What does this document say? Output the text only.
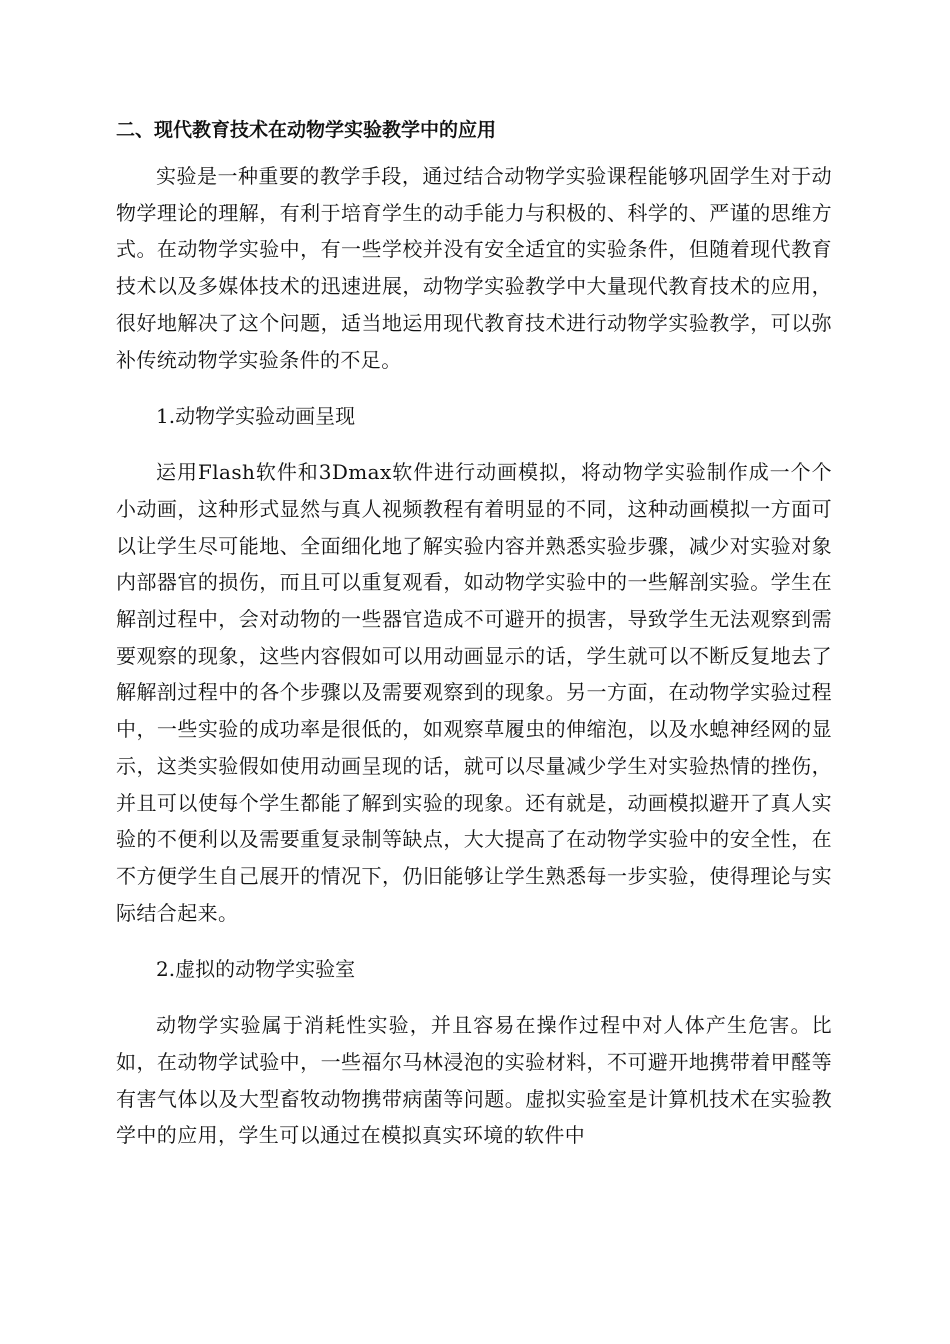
二、现代教育技术在动物学实验教学中的应用

实验是一种重要的教学手段，通过结合动物学实验课程能够巩固学生对于动物学理论的理解，有利于培育学生的动手能力与积极的、科学的、严谨的思维方式。在动物学实验中，有一些学校并没有安全适宜的实验条件，但随着现代教育技术以及多媒体技术的迅速进展，动物学实验教学中大量现代教育技术的应用，很好地解决了这个问题，适当地运用现代教育技术进行动物学实验教学，可以弥补传统动物学实验条件的不足。

1.动物学实验动画呈现

运用Flash软件和3Dmax软件进行动画模拟，将动物学实验制作成一个个小动画，这种形式显然与真人视频教程有着明显的不同，这种动画模拟一方面可以让学生尽可能地、全面细化地了解实验内容并熟悉实验步骤，减少对实验对象内部器官的损伤，而且可以重复观看，如动物学实验中的一些解剖实验。学生在解剖过程中，会对动物的一些器官造成不可避开的损害，导致学生无法观察到需要观察的现象，这些内容假如可以用动画显示的话，学生就可以不断反复地去了解解剖过程中的各个步骤以及需要观察到的现象。另一方面，在动物学实验过程中，一些实验的成功率是很低的，如观察草履虫的伸缩泡，以及水螅神经网的显示，这类实验假如使用动画呈现的话，就可以尽量减少学生对实验热情的挫伤，并且可以使每个学生都能了解到实验的现象。还有就是，动画模拟避开了真人实验的不便利以及需要重复录制等缺点，大大提高了在动物学实验中的安全性，在不方便学生自己展开的情况下，仍旧能够让学生熟悉每一步实验，使得理论与实际结合起来。

2.虚拟的动物学实验室

动物学实验属于消耗性实验，并且容易在操作过程中对人体产生危害。比如，在动物学试验中，一些福尔马林浸泡的实验材料，不可避开地携带着甲醛等有害气体以及大型畜牧动物携带病菌等问题。虚拟实验室是计算机技术在实验教学中的应用，学生可以通过在模拟真实环境的软件中
